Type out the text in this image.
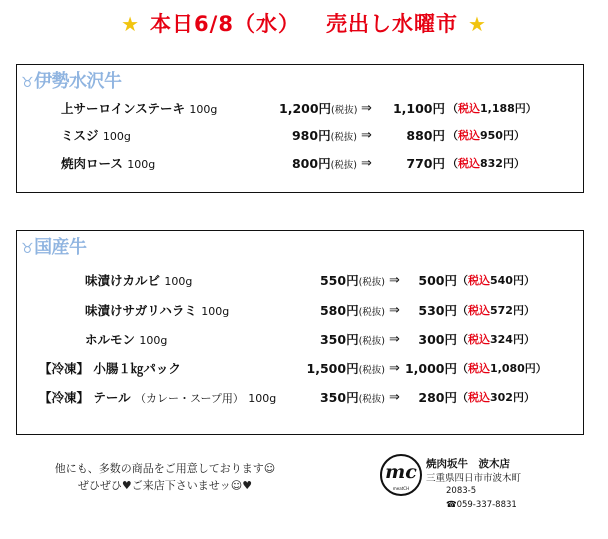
★ 本日6/8（水） 売出し水曜市 ★
♉伊勢水沢牛
上サーロインステーキ 100g	1,200円(税抜) ⇒	1,100円 （税込1,188円）
ミスジ 100g	980円(税抜) ⇒	880円 （税込950円）
焼肉ロース 100g	800円(税抜) ⇒	770円 （税込832円）
♉国産牛
味漬けカルビ 100g	550円(税抜) ⇒	500円 （税込540円）
味漬けサガリハラミ 100g	580円(税抜) ⇒	530円 （税込572円）
ホルモン 100g	350円(税抜) ⇒	300円 （税込324円）
【冷凍】 小腸１㎏パック	1,500円(税抜) ⇒ 1,000円 （税込1,080円）
【冷凍】 テール （カレー・スープ用） 100g	350円(税抜) ⇒	280円 （税込302円）
他にも、多数の商品をご用意しております☺
ぜひぜひ♥ご来店下さいませッ☺♥
mc
meatCH
焼肉坂牛　波木店
三重県四日市市波木町
2083-5
☎059-337-8831
